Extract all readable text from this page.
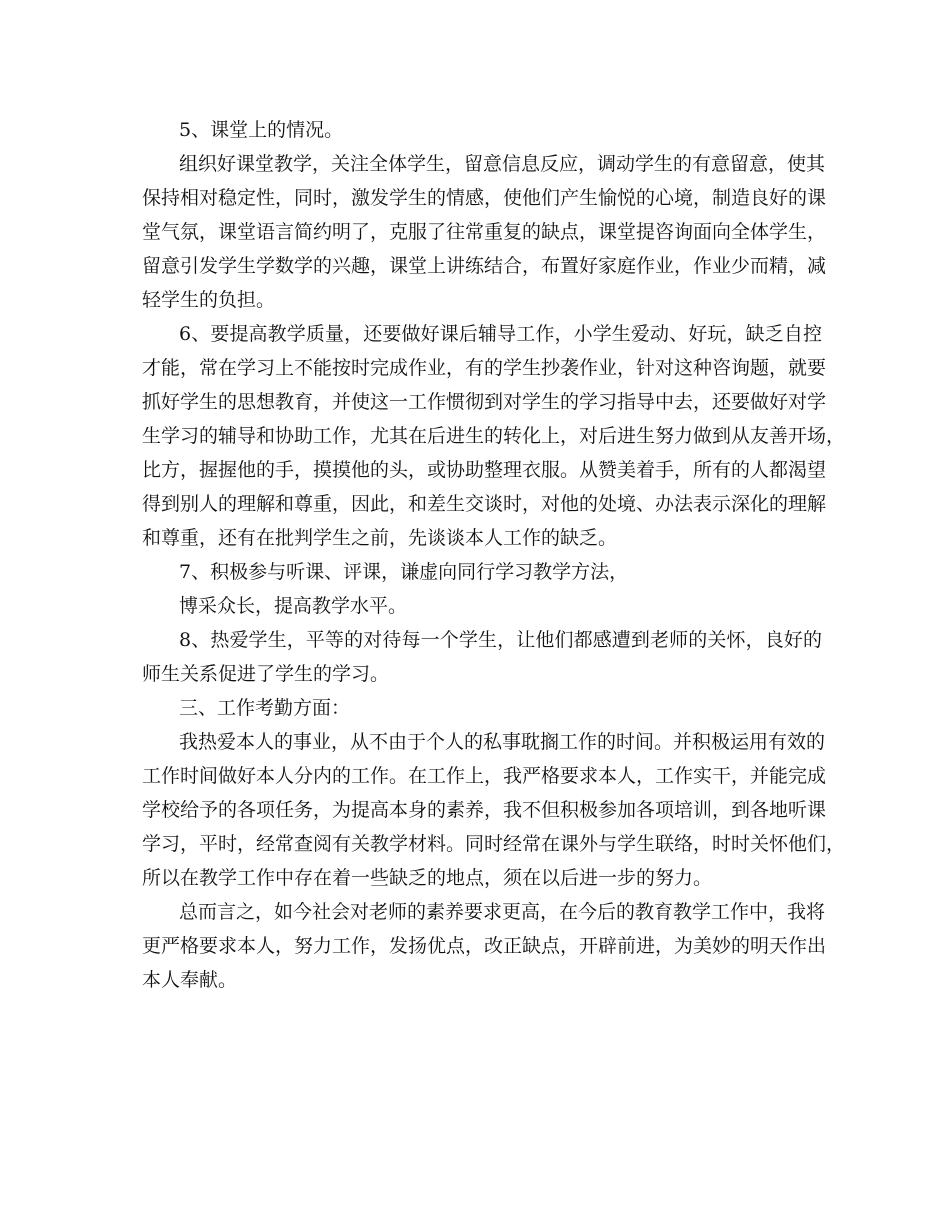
5、课堂上的情况。
组织好课堂教学，关注全体学生，留意信息反应，调动学生的有意留意，使其
保持相对稳定性，同时，激发学生的情感，使他们产生愉悦的心境，制造良好的课
堂气氛，课堂语言简约明了，克服了往常重复的缺点，课堂提咨询面向全体学生，
留意引发学生学数学的兴趣，课堂上讲练结合，布置好家庭作业，作业少而精，减
轻学生的负担。
6、要提高教学质量，还要做好课后辅导工作，小学生爱动、好玩，缺乏自控
才能，常在学习上不能按时完成作业，有的学生抄袭作业，针对这种咨询题，就要
抓好学生的思想教育，并使这一工作惯彻到对学生的学习指导中去，还要做好对学
生学习的辅导和协助工作，尤其在后进生的转化上，对后进生努力做到从友善开场，
比方，握握他的手，摸摸他的头，或协助整理衣服。从赞美着手，所有的人都渴望
得到别人的理解和尊重，因此，和差生交谈时，对他的处境、办法表示深化的理解
和尊重，还有在批判学生之前，先谈谈本人工作的缺乏。
7、积极参与听课、评课，谦虚向同行学习教学方法，
博采众长，提高教学水平。
8、热爱学生，平等的对待每一个学生，让他们都感遭到老师的关怀，良好的
师生关系促进了学生的学习。
三、工作考勤方面：
我热爱本人的事业，从不由于个人的私事耽搁工作的时间。并积极运用有效的
工作时间做好本人分内的工作。在工作上，我严格要求本人，工作实干，并能完成
学校给予的各项任务，为提高本身的素养，我不但积极参加各项培训，到各地听课
学习，平时，经常查阅有关教学材料。同时经常在课外与学生联络，时时关怀他们，
所以在教学工作中存在着一些缺乏的地点，须在以后进一步的努力。
总而言之，如今社会对老师的素养要求更高，在今后的教育教学工作中，我将
更严格要求本人，努力工作，发扬优点，改正缺点，开辟前进，为美妙的明天作出
本人奉献。
